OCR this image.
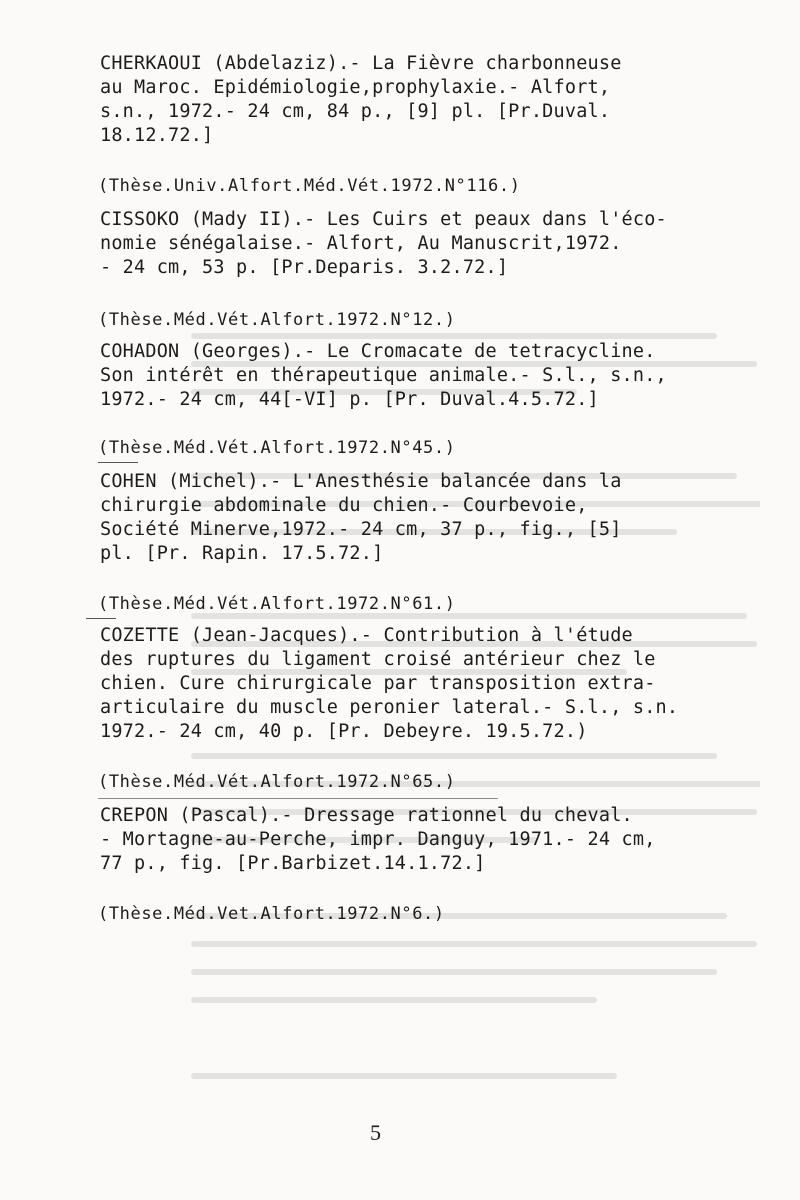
CHERKAOUI (Abdelaziz).- La Fièvre charbonneuse
au Maroc. Epidémiologie,prophylaxie.- Alfort,
s.n., 1972.- 24 cm, 84 p., [9] pl. [Pr.Duval.
18.12.72.]
(Thèse.Univ.Alfort.Méd.Vét.1972.N°116.)
CISSOKO (Mady II).- Les Cuirs et peaux dans l'éco-
nomie sénégalaise.- Alfort, Au Manuscrit,1972.
- 24 cm, 53 p. [Pr.Deparis. 3.2.72.]
(Thèse.Méd.Vét.Alfort.1972.N°12.)
COHADON (Georges).- Le Cromacate de tetracycline.
Son intérêt en thérapeutique animale.- S.l., s.n.,
1972.- 24 cm, 44[-VI] p. [Pr. Duval.4.5.72.]
(Thèse.Méd.Vét.Alfort.1972.N°45.)
COHEN (Michel).- L'Anesthésie balancée dans la
chirurgie abdominale du chien.- Courbevoie,
Société Minerve,1972.- 24 cm, 37 p., fig., [5]
pl. [Pr. Rapin. 17.5.72.]
(Thèse.Méd.Vét.Alfort.1972.N°61.)
COZETTE (Jean-Jacques).- Contribution à l'étude
des ruptures du ligament croisé antérieur chez le
chien. Cure chirurgicale par transposition extra-
articulaire du muscle peronier lateral.- S.l., s.n.
1972.- 24 cm, 40 p. [Pr. Debeyre. 19.5.72.)
(Thèse.Méd.Vét.Alfort.1972.N°65.)
CREPON (Pascal).- Dressage rationnel du cheval.
- Mortagne-au-Perche, impr. Danguy, 1971.- 24 cm,
77 p., fig. [Pr.Barbizet.14.1.72.]
(Thèse.Méd.Vet.Alfort.1972.N°6.)
5
